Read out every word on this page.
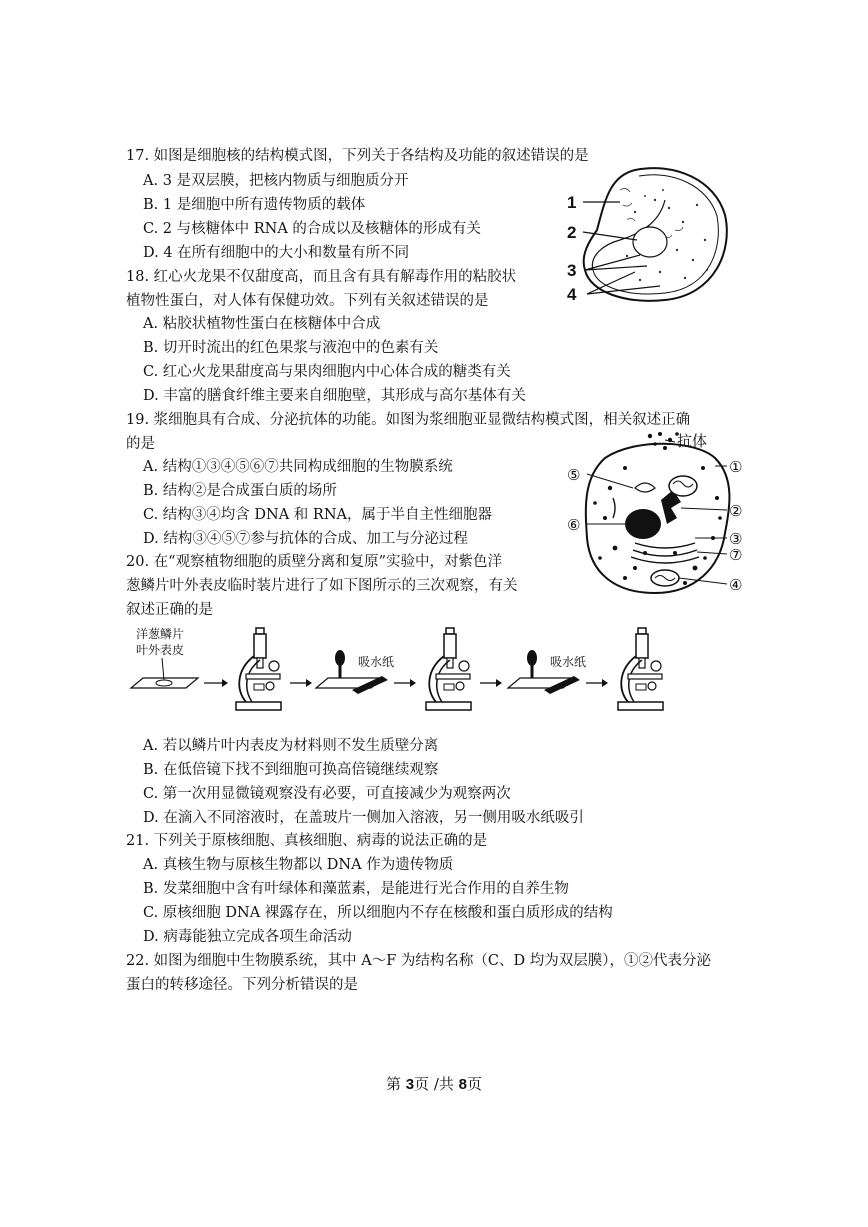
17. 如图是细胞核的结构模式图，下列关于各结构及功能的叙述错误的是
A. 3 是双层膜，把核内物质与细胞质分开
B. 1 是细胞中所有遗传物质的载体
C. 2 与核糖体中 RNA 的合成以及核糖体的形成有关
D. 4 在所有细胞中的大小和数量有所不同
1
2
3
4
18. 红心火龙果不仅甜度高，而且含有具有解毒作用的粘胶状
植物性蛋白，对人体有保健功效。下列有关叙述错误的是
A. 粘胶状植物性蛋白在核糖体中合成
B. 切开时流出的红色果浆与液泡中的色素有关
C. 红心火龙果甜度高与果肉细胞内中心体合成的糖类有关
D. 丰富的膳食纤维主要来自细胞壁，其形成与高尔基体有关
19. 浆细胞具有合成、分泌抗体的功能。如图为浆细胞亚显微结构模式图，相关叙述正确
的是
A. 结构①③④⑤⑥⑦共同构成细胞的生物膜系统
B. 结构②是合成蛋白质的场所
C. 结构③④均含 DNA 和 RNA，属于半自主性细胞器
D. 结构③④⑤⑦参与抗体的合成、加工与分泌过程
抗体
①
②
③
⑦
④
⑤
⑥
20. 在“观察植物细胞的质壁分离和复原”实验中，对紫色洋
葱鳞片叶外表皮临时装片进行了如下图所示的三次观察，有关
叙述正确的是
洋葱鳞片
叶外表皮
吸水纸	吸水纸
A. 若以鳞片叶内表皮为材料则不发生质壁分离
B. 在低倍镜下找不到细胞可换高倍镜继续观察
C. 第一次用显微镜观察没有必要，可直接减少为观察两次
D. 在滴入不同溶液时，在盖玻片一侧加入溶液，另一侧用吸水纸吸引
21. 下列关于原核细胞、真核细胞、病毒的说法正确的是
A. 真核生物与原核生物都以 DNA 作为遗传物质
B. 发菜细胞中含有叶绿体和藻蓝素，是能进行光合作用的自养生物
C. 原核细胞 DNA 裸露存在，所以细胞内不存在核酸和蛋白质形成的结构
D. 病毒能独立完成各项生命活动
22. 如图为细胞中生物膜系统，其中 A～F 为结构名称（C、D 均为双层膜），①②代表分泌
蛋白的转移途径。下列分析错误的是
第 3页 /共 8页
